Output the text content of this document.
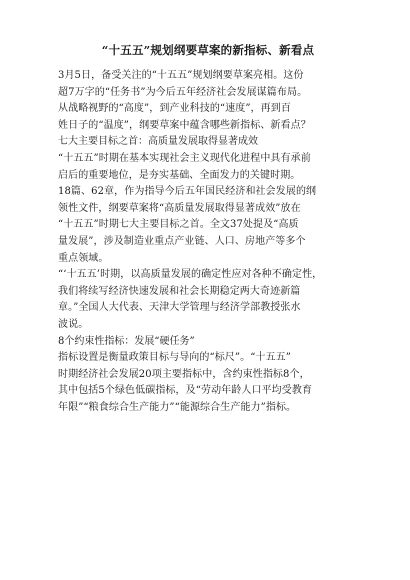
“十五五”规划纲要草案的新指标、新看点

3月5日，备受关注的“十五五”规划纲要草案亮相。这份
超7万字的“任务书”为今后五年经济社会发展谋篇布局。
从战略视野的“高度”，到产业科技的“速度”，再到百
姓日子的“温度”，纲要草案中蕴含哪些新指标、新看点？

七大主要目标之首：高质量发展取得显著成效

“十五五”时期在基本实现社会主义现代化进程中具有承前
启后的重要地位，是夯实基础、全面发力的关键时期。

18篇、62章，作为指导今后五年国民经济和社会发展的纲
领性文件，纲要草案将“高质量发展取得显著成效”放在
“十五五”时期七大主要目标之首。全文37处提及“高质
量发展”，涉及制造业重点产业链、人口、房地产等多个
重点领域。

“‘十五五’时期，以高质量发展的确定性应对各种不确定性，
我们将续写经济快速发展和社会长期稳定两大奇迹新篇
章。”全国人大代表、天津大学管理与经济学部教授张水
波说。

8个约束性指标：发展“硬任务”

指标设置是衡量政策目标与导向的“标尺”。“十五五”
时期经济社会发展20项主要指标中，含约束性指标8个，
其中包括5个绿色低碳指标，及“劳动年龄人口平均受教育
年限”“粮食综合生产能力”“能源综合生产能力”指标。
